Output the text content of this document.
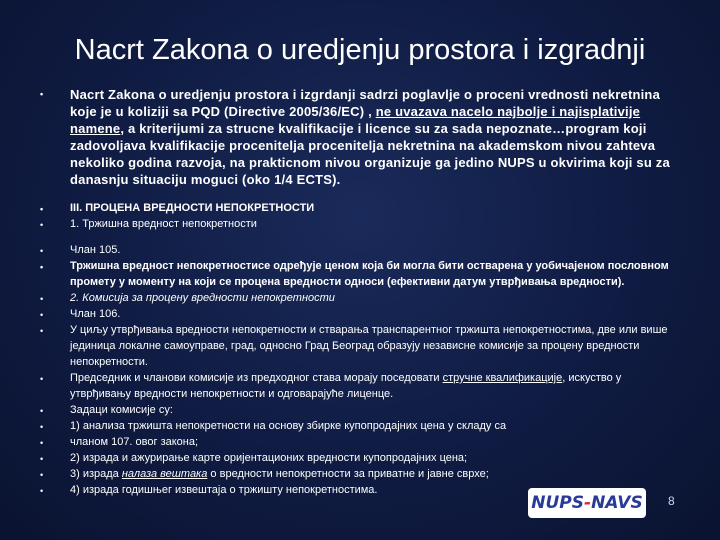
Nacrt Zakona o uredjenju prostora i izgradnji
• Nacrt Zakona o uredjenju prostora i izgrdanji sadrzi poglavlje o proceni vrednosti nekretnina koje je u koliziji sa PQD (Directive 2005/36/EC) , ne uvazava nacelo najbolje i najisplativije namene, a kriterijumi za strucne kvalifikacije i licence su za sada nepoznate…program koji zadovoljava kvalifikacije procenitelja procenitelja nekretnina na akademskom nivou zahteva nekoliko godina razvoja, na prakticnom nivou organizuje ga jedino NUPS u okvirima koji su za danasnju situaciju moguci (oko 1/4 ECTS).
• III. ПРОЦЕНА ВРЕДНОСТИ НЕПОКРЕТНОСТИ
• 1. Тржишна вредност непокретности
• Члан 105.
• Тржишна вредност непокретностисе одређује ценом која би могла бити остварена у уобичајеном пословном промету у моменту на који се процена вредности односи (ефективни датум утврђивања вредности).
• 2. Комисија за процену вредности непокретности
• Члан 106.
• У циљу утврђивања вредности непокретности и стварања транспарентног тржишта непокретностима, две или више јединица локалне самоуправе, град, односно Град Београд образују независне комисије за процену вредности непокретности.
• Председник и чланови комисије из предходног става морају поседовати стручне квалификације, искуство у утврђивању вредности непокретности и одговарајуће лиценце.
• Задаци комисије су:
• 1) анализа тржишта непокретности на основу збирке купопродајних цена у складу са
• чланом 107. овог закона;
• 2) израда и ажурирање карте оријентационих вредности купопродајних цена;
• 3) израда налаза вештака о вредности непокретности за приватне и јавне сврхе;
• 4) израда годишњег извештаја о тржишту непокретностима.
NUPS - NAVS 8
